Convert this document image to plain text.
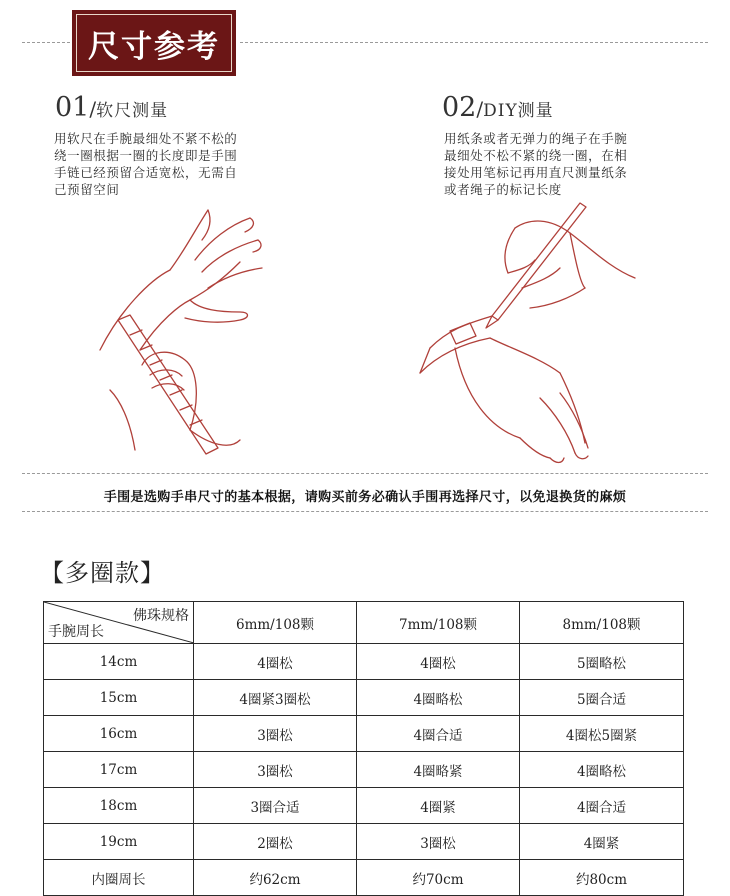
尺寸参考
01/软尺测量
用软尺在手腕最细处不紧不松的
绕一圈根据一圈的长度即是手围
手链已经预留合适宽松，无需自
己预留空间
02/DIY测量
用纸条或者无弹力的绳子在手腕
最细处不松不紧的绕一圈，在相
接处用笔标记再用直尺测量纸条
或者绳子的标记长度
手围是选购手串尺寸的基本根据，请购买前务必确认手围再选择尺寸，以免退换货的麻烦
【多圈款】
佛珠规格
手腕周长	6mm/108颗	7mm/108颗	8mm/108颗
14cm	4圈松	4圈松	5圈略松
15cm	4圈紧3圈松	4圈略松	5圈合适
16cm	3圈松	4圈合适	4圈松5圈紧
17cm	3圈松	4圈略紧	4圈略松
18cm	3圈合适	4圈紧	4圈合适
19cm	2圈松	3圈松	4圈紧
内圈周长	约62cm	约70cm	约80cm
